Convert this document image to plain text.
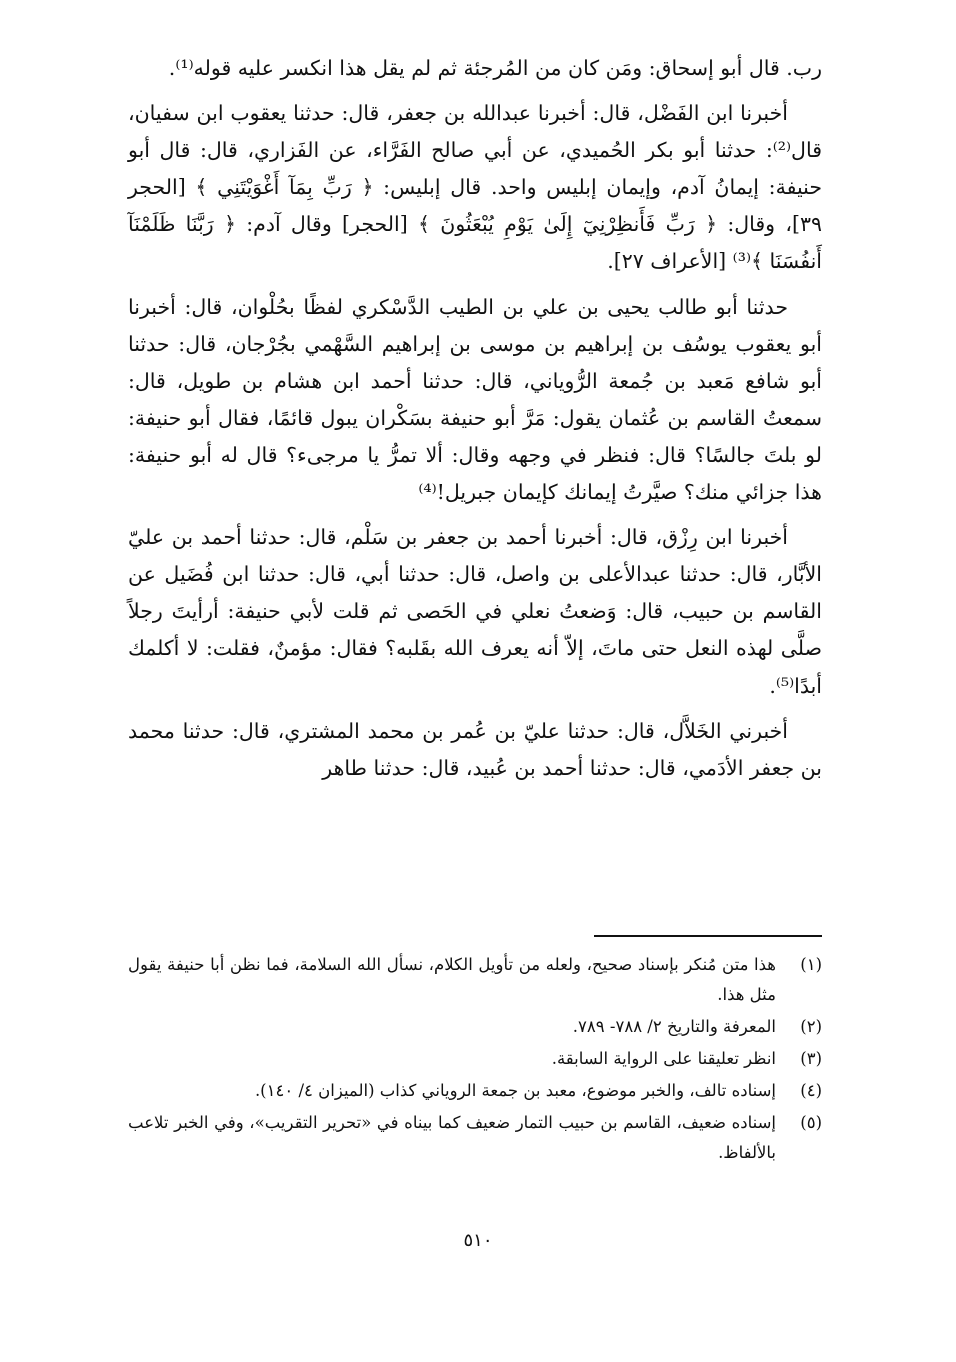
رب. قال أبو إسحاق: ومَن كان من المُرجئة ثم لم يقل هذا انكسر عليه قوله⁽¹⁾.

أخبرنا ابن الفَضْل، قال: أخبرنا عبدالله بن جعفر، قال: حدثنا يعقوب ابن سفيان، قال⁽²⁾: حدثنا أبو بكر الحُميدي، عن أبي صالح الفَرَّاء، عن الفَزاري، قال: قال أبو حنيفة: إيمانُ آدم، وإيمان إبليس واحد. قال إبليس: ﴿ رَبِّ بِمَآ أَغْوَيْتَنِي ﴾ [الحجر ٣٩]، وقال: ﴿ رَبِّ فَأَنظِرْنِيٓ إِلَىٰ يَوْمِ يُبْعَثُونَ ﴾ [الحجر] وقال آدم: ﴿ رَبَّنَا ظَلَمْنَآ أَنفُسَنَا ﴾⁽³⁾ [الأعراف ٢٧].

حدثنا أبو طالب يحيى بن علي بن الطيب الدَّسْكري لفظًا بحُلْوان، قال: أخبرنا أبو يعقوب يوسُف بن إبراهيم بن موسى بن إبراهيم السَّهْمي بجُرْجان، قال: حدثنا أبو شافع مَعبد بن جُمعة الرُّوياني، قال: حدثنا أحمد ابن هشام بن طويل، قال: سمعتُ القاسم بن عُثمان يقول: مَرَّ أبو حنيفة بسَكْران يبول قائمًا، فقال أبو حنيفة: لو بلتَ جالسًا؟ قال: فنظر في وجهه وقال: ألا تمرُّ يا مرجىء؟ قال له أبو حنيفة: هذا جزائي منك؟ صيَّرتُ إيمانك كإيمان جبريل!⁽⁴⁾

أخبرنا ابن رِزْق، قال: أخبرنا أحمد بن جعفر بن سَلْم، قال: حدثنا أحمد بن عليّ الأبَّار، قال: حدثنا عبدالأعلى بن واصل، قال: حدثنا أبي، قال: حدثنا ابن فُضَيل عن القاسم بن حبيب، قال: وَضعتُ نعلي في الحَصى ثم قلت لأبي حنيفة: أرأيتَ رجلاً صلَّى لهذه النعل حتى ماتَ، إلاّ أنه يعرف الله بقَلبه؟ فقال: مؤمنٌ، فقلت: لا أكلمك أبدًا⁽⁵⁾.

أخبرني الخَلاَّل، قال: حدثنا عليّ بن عُمر بن محمد المشتري، قال: حدثنا محمد بن جعفر الأدَمي، قال: حدثنا أحمد بن عُبيد، قال: حدثنا طاهر

(١)
هذا متن مُنكر بإسناد صحيح، ولعله من تأويل الكلام، نسأل الله السلامة، فما نظن أبا حنيفة يقول مثل هذا.
(٢)
المعرفة والتاريخ ٢/ ٧٨٨- ٧٨٩.
(٣)
انظر تعليقنا على الرواية السابقة.
(٤)
إسناده تالف، والخبر موضوع، معبد بن جمعة الروياني كذاب (الميزان ٤/ ١٤٠).
(٥)
إسناده ضعيف، القاسم بن حبيب التمار ضعيف كما بيناه في «تحرير التقريب»، وفي الخبر تلاعب بالألفاظ.
٥١٠
